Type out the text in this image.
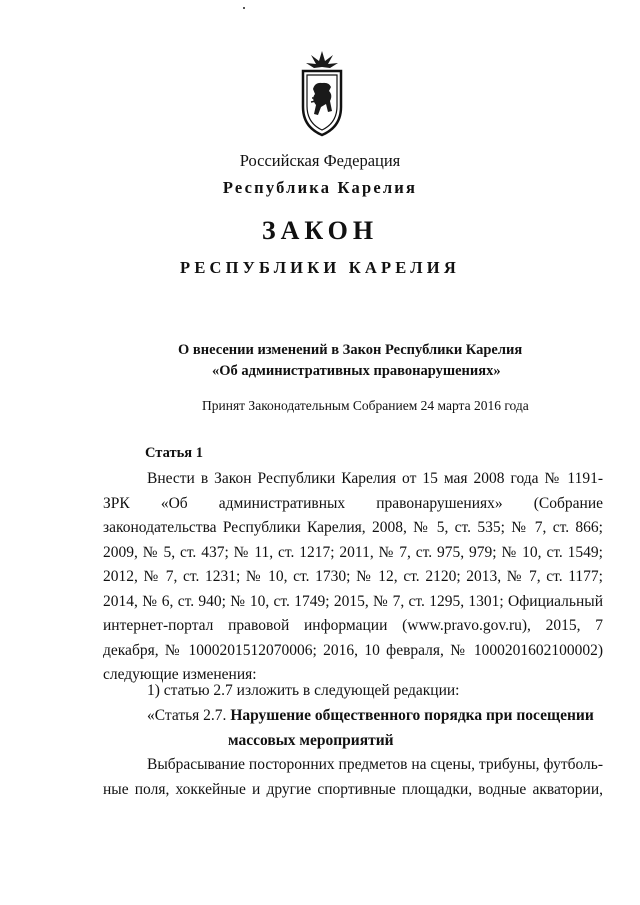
Российская Федерация
Республика Карелия
ЗАКОН
РЕСПУБЛИКИ КАРЕЛИЯ
О внесении изменений в Закон Республики Карелия
«Об административных правонарушениях»
Принят Законодательным Собранием 24 марта 2016 года
Статья 1

Внести в Закон Республики Карелия от 15 мая 2008 года № 1191-ЗРК «Об административных правонарушениях» (Собрание законодательства Республики Карелия, 2008, № 5, ст. 535; № 7, ст. 866; 2009, № 5, ст. 437; № 11, ст. 1217; 2011, № 7, ст. 975, 979; № 10, ст. 1549; 2012, № 7, ст. 1231; № 10, ст. 1730; № 12, ст. 2120; 2013, № 7, ст. 1177; 2014, № 6, ст. 940; № 10, ст. 1749; 2015, № 7, ст. 1295, 1301; Официальный интернет-портал правовой информации (www.pravo.gov.ru), 2015, 7 декабря, № 1000201512070006; 2016, 10 февраля, № 1000201602100002) следующие изменения:

1) статью 2.7 изложить в следующей редакции:
«Статья 2.7. Нарушение общественного порядка при посещении
массовых мероприятий
Выбрасывание посторонних предметов на сцены, трибуны, футболь-
ные поля, хоккейные и другие спортивные площадки, водные акватории,
